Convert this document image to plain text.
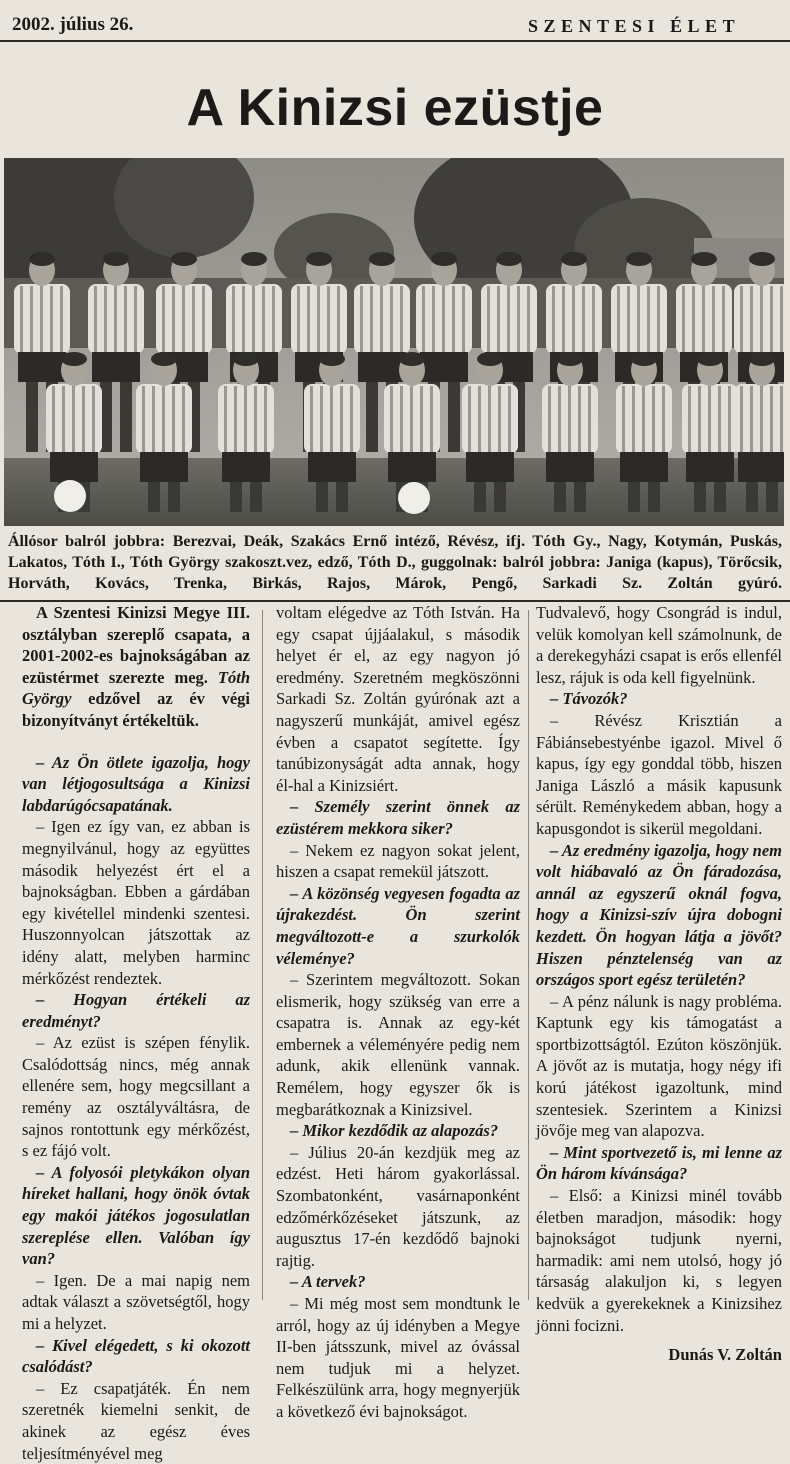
2002. július 26.	SZENTESI ÉLET
A Kinizsi ezüstje
Állósor balról jobbra: Berezvai, Deák, Szakács Ernő intéző, Révész, ifj. Tóth Gy., Nagy, Kotymán, Puskás, Lakatos, Tóth I., Tóth György szakoszt.vez, edző, Tóth D., guggolnak: balról jobbra: Janiga (kapus), Törőcsik, Horváth, Kovács, Trenka, Birkás, Rajos, Márok, Pengő, Sarkadi Sz. Zoltán gyúró.

A Szentesi Kinizsi Megye III. osztályban szereplő csapata, a 2001-2002-es bajnokságában az ezüstérmet szerezte meg. Tóth György edzővel az év végi bizonyítványt értékeltük.

– Az Ön ötlete igazolja, hogy van létjogosultsága a Kinizsi labdarúgócsapatának.

– Igen ez így van, ez abban is megnyilvánul, hogy az együttes második helyezést ért el a bajnokságban. Ebben a gárdában egy kivétellel mindenki szentesi. Huszonnyolcan játszottak az idény alatt, melyben harminc mérkőzést rendeztek.

– Hogyan értékeli az eredményt?

– Az ezüst is szépen fénylik. Csalódottság nincs, még annak ellenére sem, hogy megcsillant a remény az osztályváltásra, de sajnos rontottunk egy mérkőzést, s ez fájó volt.

– A folyosói pletykákon olyan híreket hallani, hogy önök óvtak egy makói játékos jogosulatlan szereplése ellen. Valóban így van?

– Igen. De a mai napig nem adtak választ a szövetségtől, hogy mi a helyzet.

– Kivel elégedett, s ki okozott csalódást?

– Ez csapatjáték. Én nem szeretnék kiemelni senkit, de akinek az egész éves teljesítményével meg

voltam elégedve az Tóth István. Ha egy csapat újjáalakul, s második helyet ér el, az egy nagyon jó eredmény. Szeretném megköszönni Sarkadi Sz. Zoltán gyúrónak azt a nagyszerű munkáját, amivel egész évben a csapatot segítette. Így tanúbizonyságát adta annak, hogy él-hal a Kinizsiért.

– Személy szerint önnek az ezüstérem mekkora siker?

– Nekem ez nagyon sokat jelent, hiszen a csapat remekül játszott.

– A közönség vegyesen fogadta az újrakezdést. Ön szerint megváltozott-e a szurkolók véleménye?

– Szerintem megváltozott. Sokan elismerik, hogy szükség van erre a csapatra is. Annak az egy-két embernek a véleményére pedig nem adunk, akik ellenünk vannak. Remélem, hogy egyszer ők is megbarátkoznak a Kinizsivel.

– Mikor kezdődik az alapozás?

– Július 20-án kezdjük meg az edzést. Heti három gyakorlással. Szombatonként, vasárnaponként edzőmérkőzéseket játszunk, az augusztus 17-én kezdődő bajnoki rajtig.

– A tervek?

– Mi még most sem mondtunk le arról, hogy az új idényben a Megye II-ben játsszunk, mivel az óvással nem tudjuk mi a helyzet. Felkészülünk arra, hogy megnyerjük a következő évi bajnokságot.

Tudvalevő, hogy Csongrád is indul, velük komolyan kell számolnunk, de a derekegyházi csapat is erős ellenfél lesz, rájuk is oda kell figyelnünk.

– Távozók?

– Révész Krisztián a Fábiánsebestyénbe igazol. Mivel ő kapus, így egy gonddal több, hiszen Janiga László a másik kapusunk sérült. Reménykedem abban, hogy a kapusgondot is sikerül megoldani.

– Az eredmény igazolja, hogy nem volt hiábavaló az Ön fáradozása, annál az egyszerű oknál fogva, hogy a Kinizsi-szív újra dobogni kezdett. Ön hogyan látja a jövőt? Hiszen pénztelenség van az országos sport egész területén?

– A pénz nálunk is nagy probléma. Kaptunk egy kis támogatást a sportbizottságtól. Ezúton köszönjük. A jövőt az is mutatja, hogy négy ifi korú játékost igazoltunk, mind szentesiek. Szerintem a Kinizsi jövője meg van alapozva.

– Mint sportvezető is, mi lenne az Ön három kívánsága?

– Első: a Kinizsi minél tovább életben maradjon, második: hogy bajnokságot tudjunk nyerni, harmadik: ami nem utolsó, hogy jó társaság alakuljon ki, s legyen kedvük a gyerekeknek a Kinizsihez jönni focizni.

Dunás V. Zoltán
